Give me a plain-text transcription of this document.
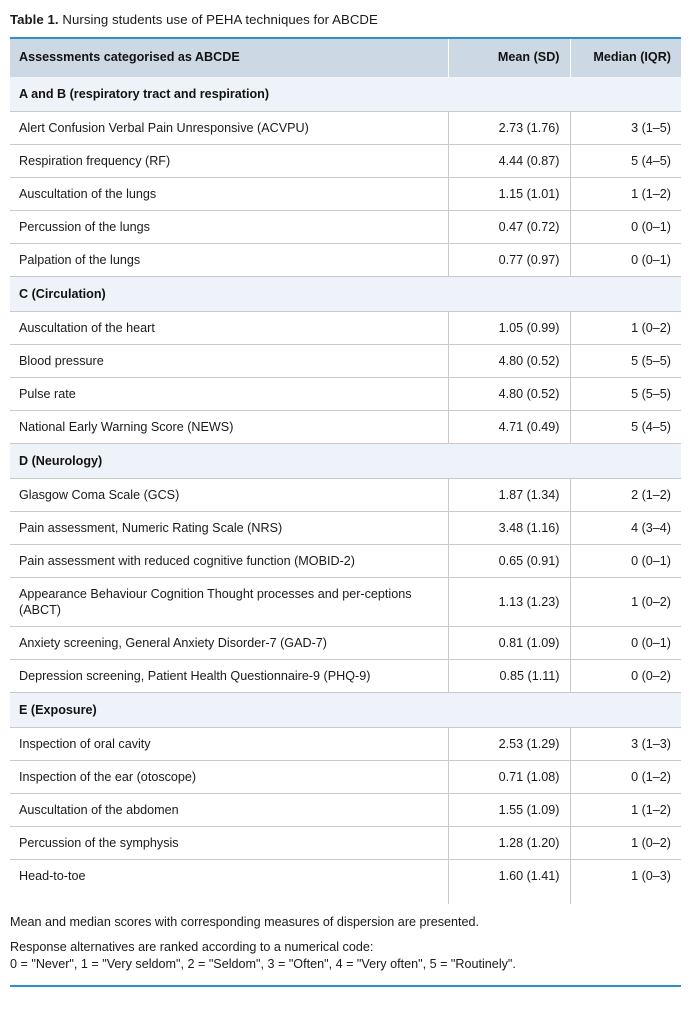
Table 1. Nursing students use of PEHA techniques for ABCDE
Assessments categorised as ABCDE	Mean (SD)	Median (IQR)
A and B (respiratory tract and respiration)		
Alert Confusion Verbal Pain Unresponsive (ACVPU)	2.73 (1.76)	3 (1–5)
Respiration frequency (RF)	4.44 (0.87)	5 (4–5)
Auscultation of the lungs	1.15 (1.01)	1 (1–2)
Percussion of the lungs	0.47 (0.72)	0 (0–1)
Palpation of the lungs	0.77 (0.97)	0 (0–1)
C (Circulation)		
Auscultation of the heart	1.05 (0.99)	1 (0–2)
Blood pressure	4.80 (0.52)	5 (5–5)
Pulse rate	4.80 (0.52)	5 (5–5)
National Early Warning Score (NEWS)	4.71 (0.49)	5 (4–5)
D (Neurology)		
Glasgow Coma Scale (GCS)	1.87 (1.34)	2 (1–2)
Pain assessment, Numeric Rating Scale (NRS)	3.48 (1.16)	4 (3–4)
Pain assessment with reduced cognitive function (MOBID-2)	0.65 (0.91)	0 (0–1)
Appearance Behaviour Cognition Thought processes and per-ceptions (ABCT)	1.13 (1.23)	1 (0–2)
Anxiety screening, General Anxiety Disorder-7 (GAD-7)	0.81 (1.09)	0 (0–1)
Depression screening, Patient Health Questionnaire-9 (PHQ-9)	0.85 (1.11)	0 (0–2)
E (Exposure)		
Inspection of oral cavity	2.53 (1.29)	3 (1–3)
Inspection of the ear (otoscope)	0.71 (1.08)	0 (1–2)
Auscultation of the abdomen	1.55 (1.09)	1 (1–2)
Percussion of the symphysis	1.28 (1.20)	1 (0–2)
Head-to-toe	1.60 (1.41)	1 (0–3)

Mean and median scores with corresponding measures of dispersion are presented.

Response alternatives are ranked according to a numerical code:

0 = "Never", 1 = "Very seldom", 2 = "Seldom", 3 = "Often", 4 = "Very often", 5 = "Routinely".
